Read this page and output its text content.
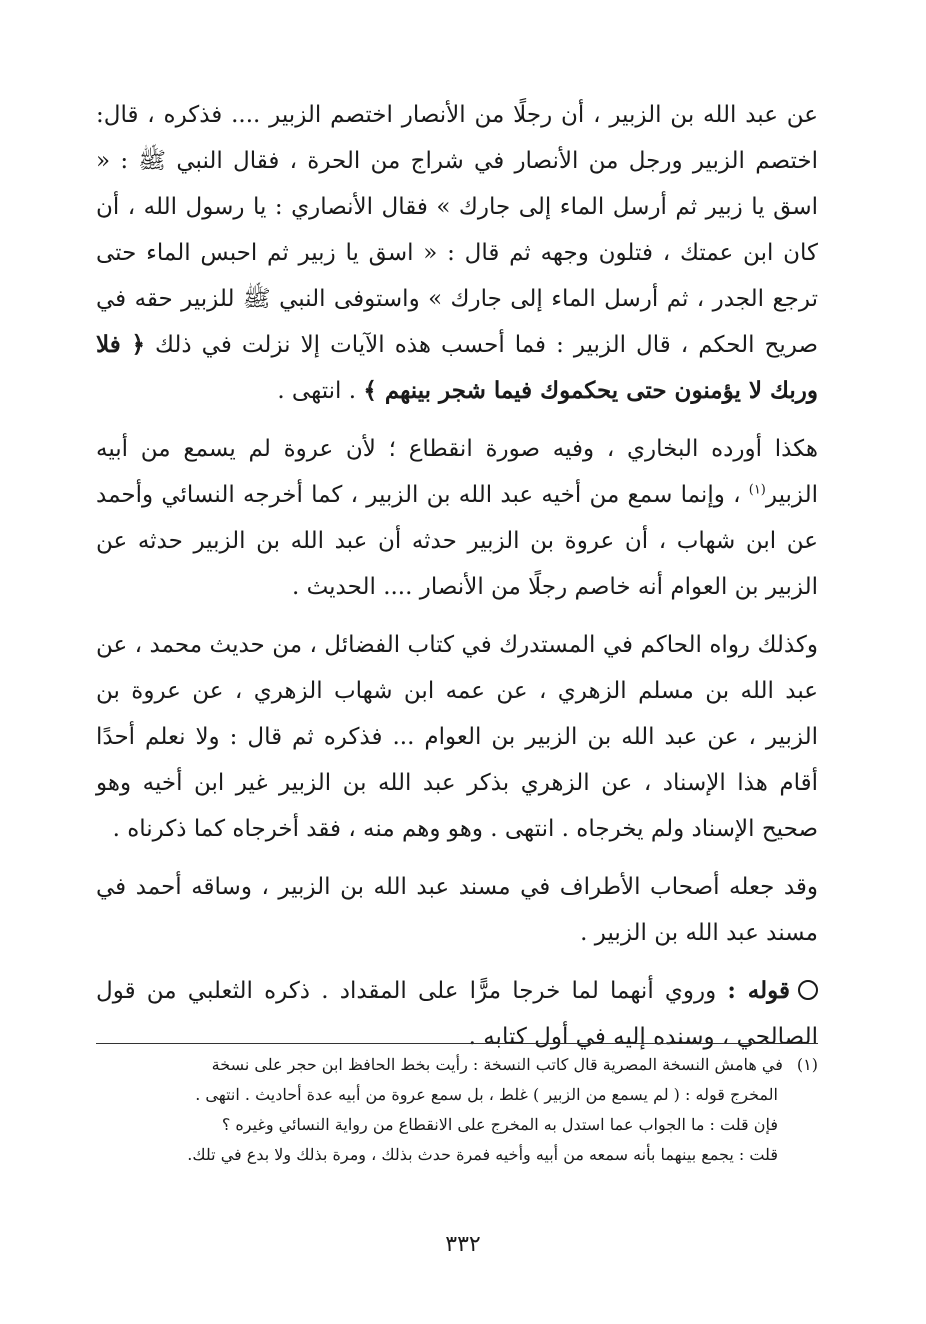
عن عبد الله بن الزبير ، أن رجلًا من الأنصار اختصم الزبير .... فذكره ، قال: اختصم الزبير ورجل من الأنصار في شراج من الحرة ، فقال النبي ﷺ : « اسق يا زبير ثم أرسل الماء إلى جارك » فقال الأنصاري : يا رسول الله ، أن كان ابن عمتك ، فتلون وجهه ثم قال : « اسق يا زبير ثم احبس الماء حتى ترجع الجدر ، ثم أرسل الماء إلى جارك » واستوفى النبي ﷺ للزبير حقه في صريح الحكم ، قال الزبير : فما أحسب هذه الآيات إلا نزلت في ذلك ﴿ فلا وربك لا يؤمنون حتى يحكموك فيما شجر بينهم ﴾ . انتهى .

هكذا أورده البخاري ، وفيه صورة انقطاع ؛ لأن عروة لم يسمع من أبيه الزبير$^{(١)}$ ، وإنما سمع من أخيه عبد الله بن الزبير ، كما أخرجه النسائي وأحمد عن ابن شهاب ، أن عروة بن الزبير حدثه أن عبد الله بن الزبير حدثه عن الزبير بن العوام أنه خاصم رجلًا من الأنصار .... الحديث .

وكذلك رواه الحاكم في المستدرك في كتاب الفضائل ، من حديث محمد ، عن عبد الله بن مسلم الزهري ، عن عمه ابن شهاب الزهري ، عن عروة بن الزبير ، عن عبد الله بن الزبير بن العوام ... فذكره ثم قال : ولا نعلم أحدًا أقام هذا الإسناد ، عن الزهري بذكر عبد الله بن الزبير غير ابن أخيه وهو صحيح الإسناد ولم يخرجاه . انتهى . وهو وهم منه ، فقد أخرجاه كما ذكرناه .

وقد جعله أصحاب الأطراف في مسند عبد الله بن الزبير ، وساقه أحمد في مسند عبد الله بن الزبير .

قوله : وروي أنهما لما خرجا مرًّا على المقداد . ذكره الثعلبي من قول الصالحي ، وسنده إليه في أول كتابه .

(١)في هامش النسخة المصرية قال كاتب النسخة : رأيت بخط الحافظ ابن حجر على نسخة
المخرج قوله : ( لم يسمع من الزبير ) غلط ، بل سمع عروة من أبيه عدة أحاديث . انتهى .
فإن قلت : ما الجواب عما استدل به المخرج على الانقطاع من رواية النسائي وغيره ؟
قلت : يجمع بينهما بأنه سمعه من أبيه وأخيه فمرة حدث بذلك ، ومرة بذلك ولا بدع في تلك.
٣٣٢
